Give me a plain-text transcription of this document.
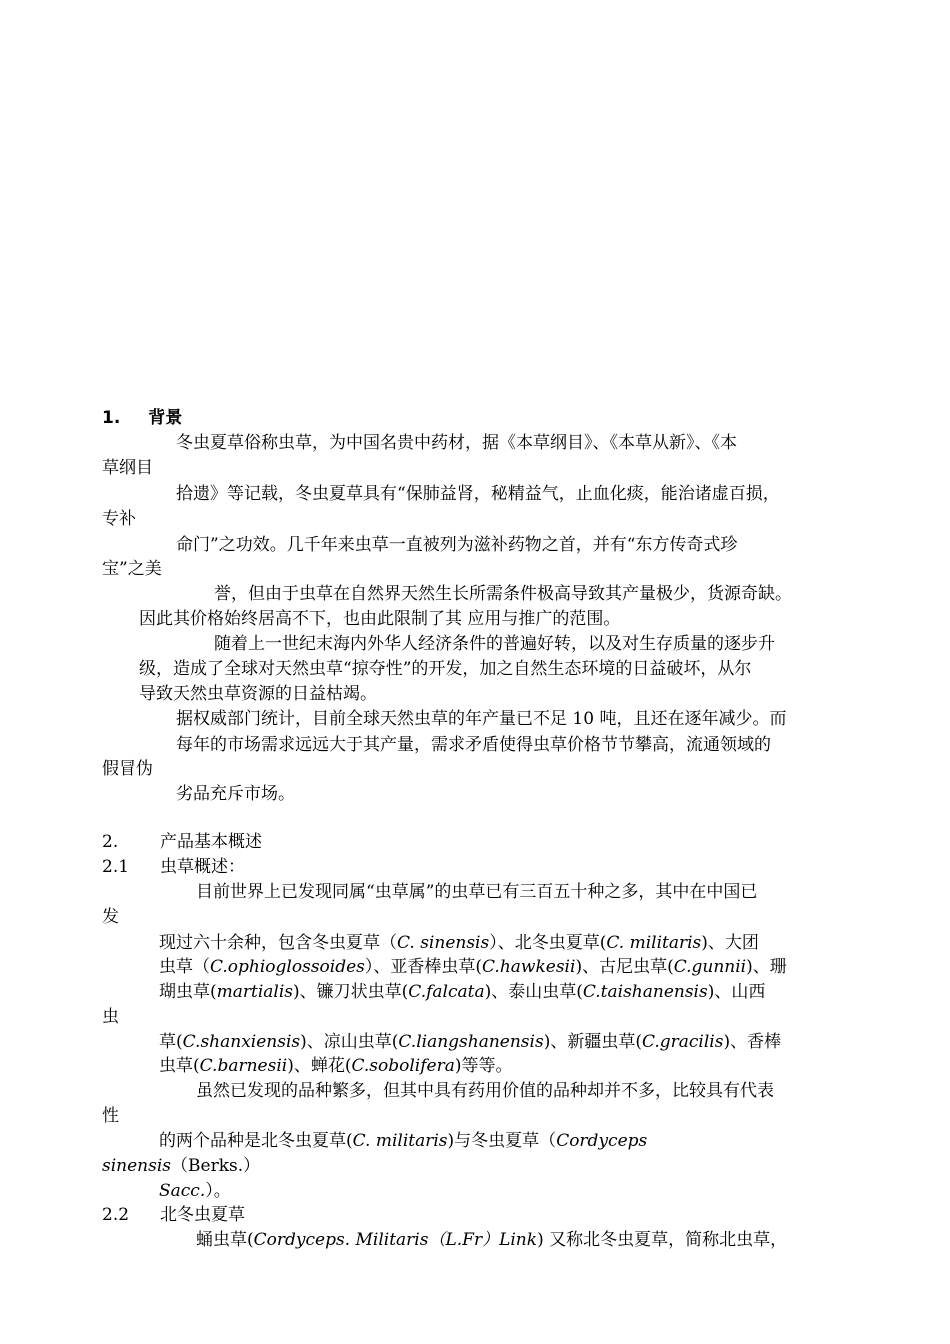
1. 背景
冬虫夏草俗称虫草，为中国名贵中药材，据《本草纲目》、《本草从新》、《本
草纲目
拾遗》等记载，冬虫夏草具有“保肺益肾，秘精益气，止血化痰，能治诸虚百损，
专补
命门”之功效。几千年来虫草一直被列为滋补药物之首，并有“东方传奇式珍
宝”之美
誉，但由于虫草在自然界天然生长所需条件极高导致其产量极少，货源奇缺。
因此其价格始终居高不下，也由此限制了其 应用与推广的范围。
随着上一世纪末海内外华人经济条件的普遍好转，以及对生存质量的逐步升
级，造成了全球对天然虫草“掠夺性”的开发，加之自然生态环境的日益破坏，从尔
导致天然虫草资源的日益枯竭。
据权威部门统计，目前全球天然虫草的年产量已不足 10 吨，且还在逐年减少。而
每年的市场需求远远大于其产量，需求矛盾使得虫草价格节节攀高，流通领域的
假冒伪
劣品充斥市场。
2. 产品基本概述
2.1 虫草概述：
目前世界上已发现同属“虫草属”的虫草已有三百五十种之多，其中在中国已
发
现过六十余种，包含冬虫夏草（C. sinensis）、北冬虫夏草(C. militaris)、大团
虫草（C.ophioglossoides）、亚香棒虫草(C.hawkesii)、古尼虫草(C.gunnii)、珊
瑚虫草(martialis)、镰刀状虫草(C.falcata)、泰山虫草(C.taishanensis)、山西
虫
草(C.shanxiensis)、凉山虫草(C.liangshanensis)、新疆虫草(C.gracilis)、香棒
虫草(C.barnesii)、蝉花(C.sobolifera)等等。
虽然已发现的品种繁多，但其中具有药用价值的品种却并不多，比较具有代表
性
的两个品种是北冬虫夏草(C. militaris)与冬虫夏草（Cordyceps
sinensis（Berks.）
Sacc.）。
2.2 北冬虫夏草
蛹虫草(Cordyceps. Militaris（L.Fr）Link) 又称北冬虫夏草，简称北虫草，
